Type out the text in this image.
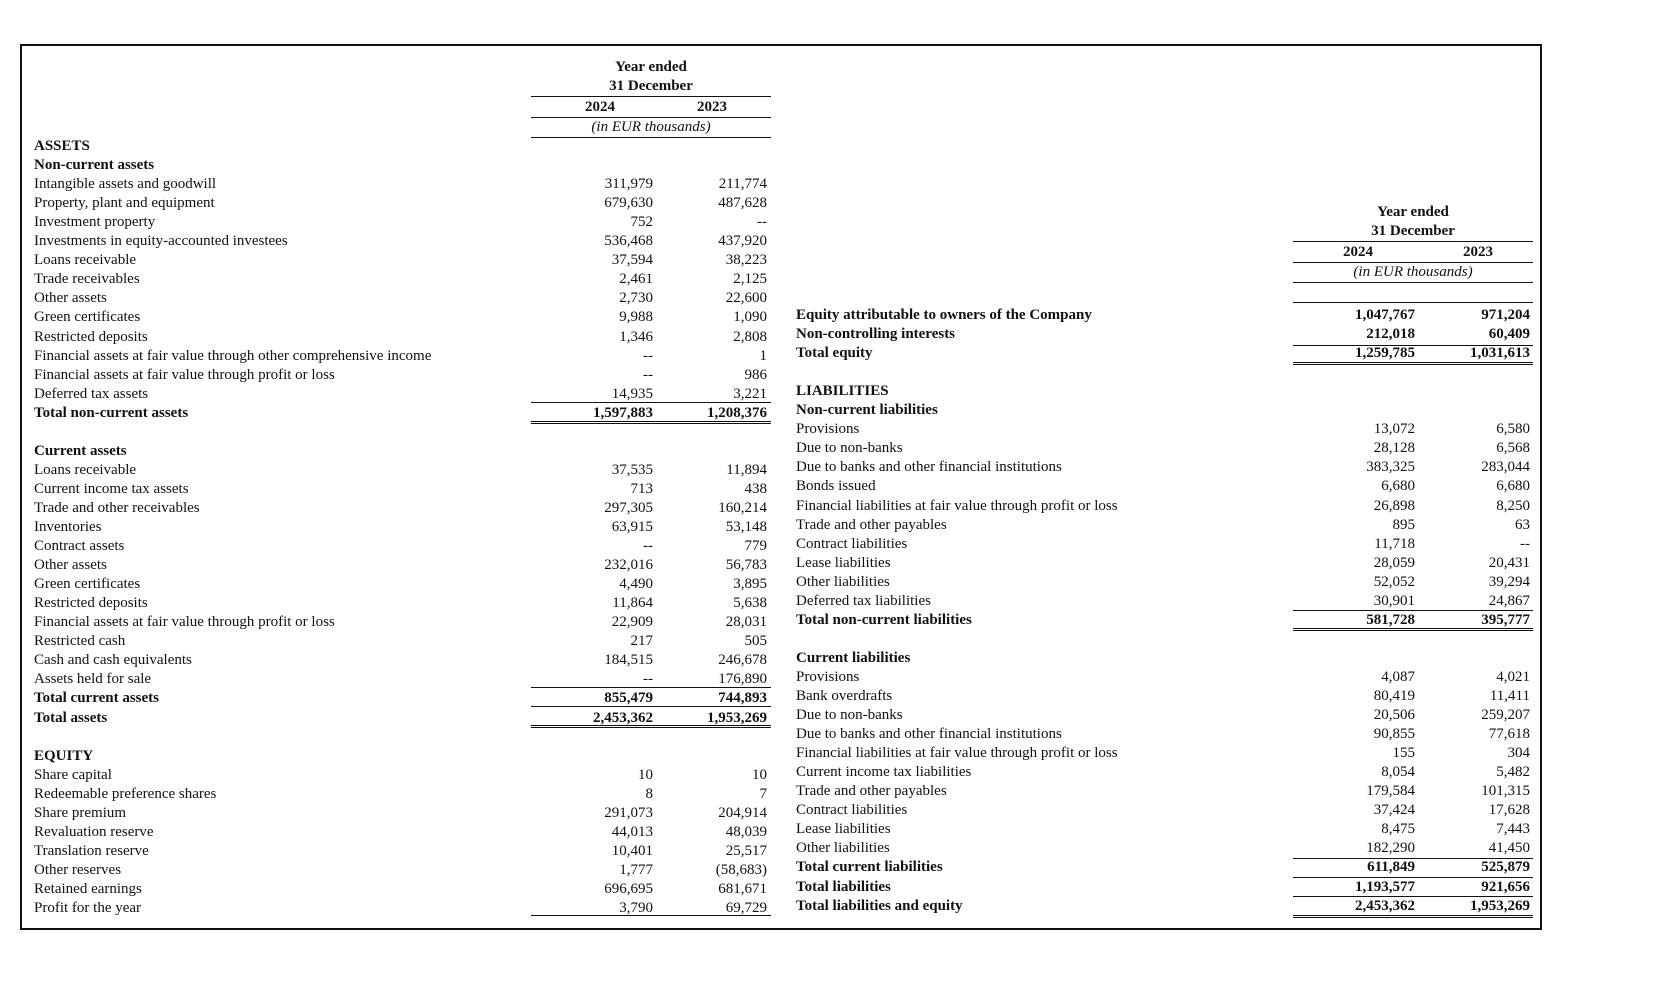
Year ended
31 December
2024	2023
(in EUR thousands)
Year ended
31 December
2024	2023
(in EUR thousands)
ASSETS
Non-current assets
Intangible assets and goodwill	311,979	211,774
Property, plant and equipment	679,630	487,628
Investment property	752	--
Investments in equity-accounted investees	536,468	437,920
Loans receivable	37,594	38,223
Trade receivables	2,461	2,125
Other assets	2,730	22,600
Green certificates	9,988	1,090
Restricted deposits	1,346	2,808
Financial assets at fair value through other comprehensive income	--	1
Financial assets at fair value through profit or loss	--	986
Deferred tax assets	14,935	3,221
Total non-current assets	1,597,883	1,208,376
Current assets
Loans receivable	37,535	11,894
Current income tax assets	713	438
Trade and other receivables	297,305	160,214
Inventories	63,915	53,148
Contract assets	--	779
Other assets	232,016	56,783
Green certificates	4,490	3,895
Restricted deposits	11,864	5,638
Financial assets at fair value through profit or loss	22,909	28,031
Restricted cash	217	505
Cash and cash equivalents	184,515	246,678
Assets held for sale	--	176,890
Total current assets	855,479	744,893
Total assets	2,453,362	1,953,269
EQUITY
Share capital	10	10
Redeemable preference shares	8	7
Share premium	291,073	204,914
Revaluation reserve	44,013	48,039
Translation reserve	10,401	25,517
Other reserves	1,777	(58,683)
Retained earnings	696,695	681,671
Profit for the year	3,790	69,729
Equity attributable to owners of the Company	1,047,767	971,204
Non-controlling interests	212,018	60,409
Total equity	1,259,785	1,031,613
LIABILITIES
Non-current liabilities
Provisions	13,072	6,580
Due to non-banks	28,128	6,568
Due to banks and other financial institutions	383,325	283,044
Bonds issued	6,680	6,680
Financial liabilities at fair value through profit or loss	26,898	8,250
Trade and other payables	895	63
Contract liabilities	11,718	--
Lease liabilities	28,059	20,431
Other liabilities	52,052	39,294
Deferred tax liabilities	30,901	24,867
Total non-current liabilities	581,728	395,777
Current liabilities
Provisions	4,087	4,021
Bank overdrafts	80,419	11,411
Due to non-banks	20,506	259,207
Due to banks and other financial institutions	90,855	77,618
Financial liabilities at fair value through profit or loss	155	304
Current income tax liabilities	8,054	5,482
Trade and other payables	179,584	101,315
Contract liabilities	37,424	17,628
Lease liabilities	8,475	7,443
Other liabilities	182,290	41,450
Total current liabilities	611,849	525,879
Total liabilities	1,193,577	921,656
Total liabilities and equity	2,453,362	1,953,269
